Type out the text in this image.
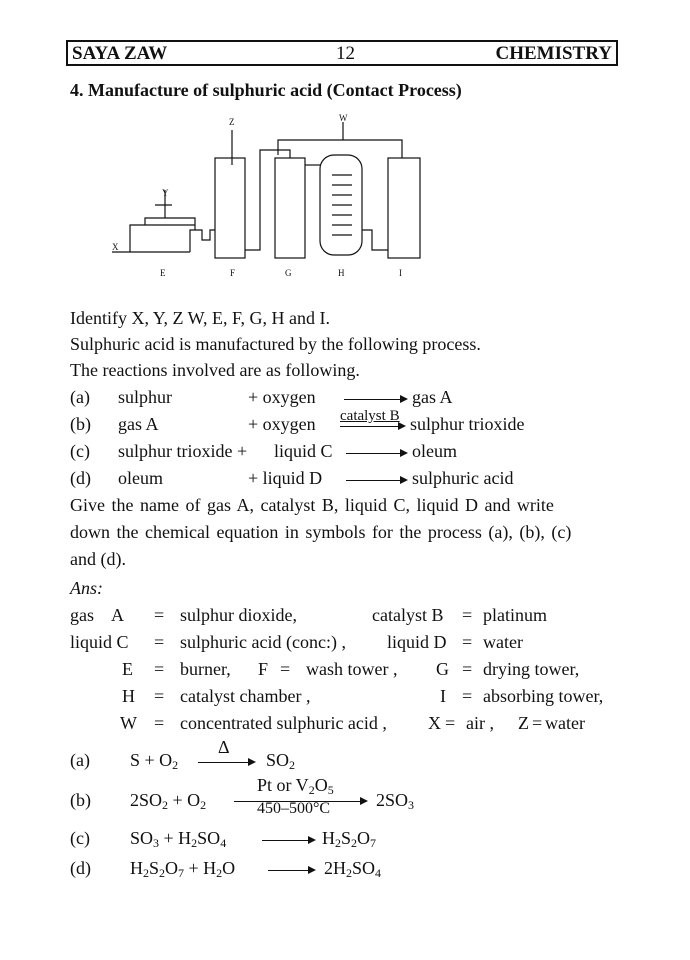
SAYA ZAW	12	CHEMISTRY
4. Manufacture of sulphuric acid (Contact Process)
X
Y
Z	W
E	F	G	H	I
Identify X, Y, Z W, E, F, G, H and I.
Sulphuric acid is manufactured by the following process.
The reactions involved are as following.
(a) sulphur	+ oxygen → gas A
(b) gas A	+ oxygen catalyst B → sulphur trioxide
(c) sulphur trioxide + liquid C → oleum
(d) oleum	+ liquid D → sulphuric acid
Give the name of gas A, catalyst B, liquid C, liquid D and write
down the chemical equation in symbols for the process (a), (b), (c)
and (d).
Ans:
gas    A = sulphur dioxide,	catalyst B = platinum
liquid C = sulphuric acid (conc:) , liquid D = water
E = burner, F = wash tower , G = drying tower,
H = catalyst chamber ,	I = absorbing tower,
W = concentrated sulphuric acid , X = air , Z = water
(a) $S + O_2$
Δ
→ $SO_2$
(b) $2SO_2 + O_2$
Pt or $V_2O_5$
450–500°C	$2SO_3$
(c) $SO_3 + H_2SO_4 \to H_2S_2O_7$
(d) $H_2S_2O_7 + H_2O \to 2H_2SO_4$
